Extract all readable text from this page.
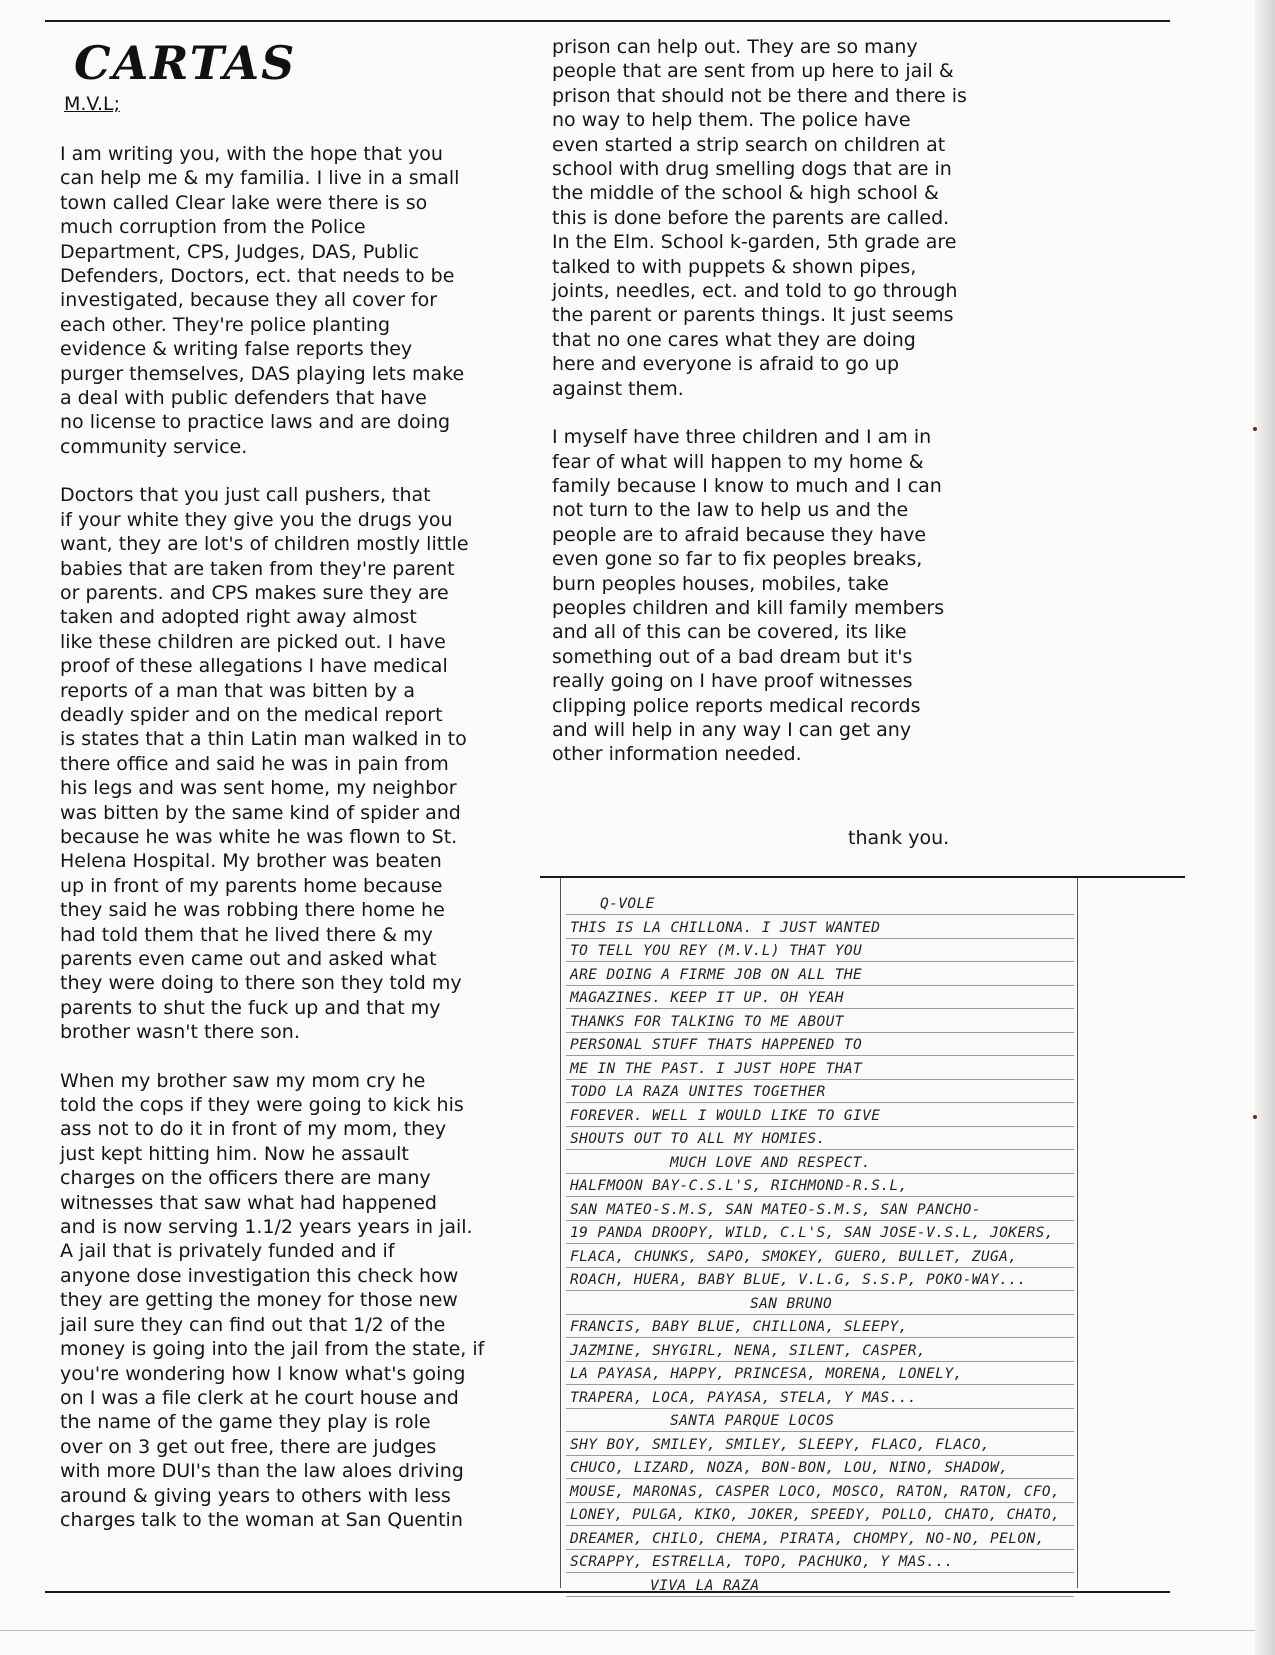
CARTAS
M.V.L;

I am writing you, with the hope that you
can help me & my familia. I live in a small
town called Clear lake were there is so
much corruption from the Police
Department, CPS, Judges, DAS, Public
Defenders, Doctors, ect. that needs to be
investigated, because they all cover for
each other. They're police planting
evidence & writing false reports they
purger themselves, DAS playing lets make
a deal with public defenders that have
no license to practice laws and are doing
community service.

Doctors that you just call pushers, that
if your white they give you the drugs you
want, they are lot's of children mostly little
babies that are taken from they're parent
or parents. and CPS makes sure they are
taken and adopted right away almost
like these children are picked out. I have
proof of these allegations I have medical
reports of a man that was bitten by a
deadly spider and on the medical report
is states that a thin Latin man walked in to
there office and said he was in pain from
his legs and was sent home, my neighbor
was bitten by the same kind of spider and
because he was white he was flown to St.
Helena Hospital. My brother was beaten
up in front of my parents home because
they said he was robbing there home he
had told them that he lived there & my
parents even came out and asked what
they were doing to there son they told my
parents to shut the fuck up and that my
brother wasn't there son.

When my brother saw my mom cry he
told the cops if they were going to kick his
ass not to do it in front of my mom, they
just kept hitting him. Now he assault
charges on the officers there are many
witnesses that saw what had happened
and is now serving 1.1/2 years years in jail.

A jail that is privately funded and if
anyone dose investigation this check how
they are getting the money for those new
jail sure they can find out that 1/2 of the
money is going into the jail from the state, if
you're wondering how I know what's going
on I was a file clerk at he court house and
the name of the game they play is role
over on 3 get out free, there are judges
with more DUI's than the law aloes driving
around & giving years to others with less
charges talk to the woman at San Quentin

prison can help out. They are so many
people that are sent from up here to jail &
prison that should not be there and there is
no way to help them. The police have
even started a strip search on children at
school with drug smelling dogs that are in
the middle of the school & high school &
this is done before the parents are called.
In the Elm. School k-garden, 5th grade are
talked to with puppets & shown pipes,
joints, needles, ect. and told to go through
the parent or parents things. It just seems
that no one cares what they are doing
here and everyone is afraid to go up
against them.

I myself have three children and I am in
fear of what will happen to my home &
family because I know to much and I can
not turn to the law to help us and the
people are to afraid because they have
even gone so far to fix peoples breaks,
burn peoples houses, mobiles, take
peoples children and kill family members
and all of this can be covered, its like
something out of a bad dream but it's
really going on I have proof witnesses
clipping police reports medical records
and will help in any way I can get any
other information needed.

thank you.
Q-VOLE
THIS IS LA CHILLONA. I JUST WANTED
TO TELL YOU REY (M.V.L) THAT YOU
ARE DOING A FIRME JOB ON ALL THE
MAGAZINES. KEEP IT UP. OH YEAH
THANKS FOR TALKING TO ME ABOUT
PERSONAL STUFF THATS HAPPENED TO
ME IN THE PAST. I JUST HOPE THAT
TODO LA RAZA UNITES TOGETHER
FOREVER. WELL I WOULD LIKE TO GIVE
SHOUTS OUT TO ALL MY HOMIES.
MUCH LOVE AND RESPECT.
HALFMOON BAY-C.S.L'S, RICHMOND-R.S.L,
SAN MATEO-S.M.S, SAN MATEO-S.M.S, SAN PANCHO-
19 PANDA DROOPY, WILD, C.L'S, SAN JOSE-V.S.L, JOKERS,
FLACA, CHUNKS, SAPO, SMOKEY, GUERO, BULLET, ZUGA,
ROACH, HUERA, BABY BLUE, V.L.G, S.S.P, POKO-WAY...
SAN BRUNO
FRANCIS, BABY BLUE, CHILLONA, SLEEPY,
JAZMINE, SHYGIRL, NENA, SILENT, CASPER,
LA PAYASA, HAPPY, PRINCESA, MORENA, LONELY,
TRAPERA, LOCA, PAYASA, STELA, Y MAS...
SANTA PARQUE LOCOS
SHY BOY, SMILEY, SMILEY, SLEEPY, FLACO, FLACO,
CHUCO, LIZARD, NOZA, BON-BON, LOU, NINO, SHADOW,
MOUSE, MARONAS, CASPER LOCO, MOSCO, RATON, RATON, CFO,
LONEY, PULGA, KIKO, JOKER, SPEEDY, POLLO, CHATO, CHATO,
DREAMER, CHILO, CHEMA, PIRATA, CHOMPY, NO-NO, PELON,
SCRAPPY, ESTRELLA, TOPO, PACHUKO, Y MAS...
VIVA LA RAZA
